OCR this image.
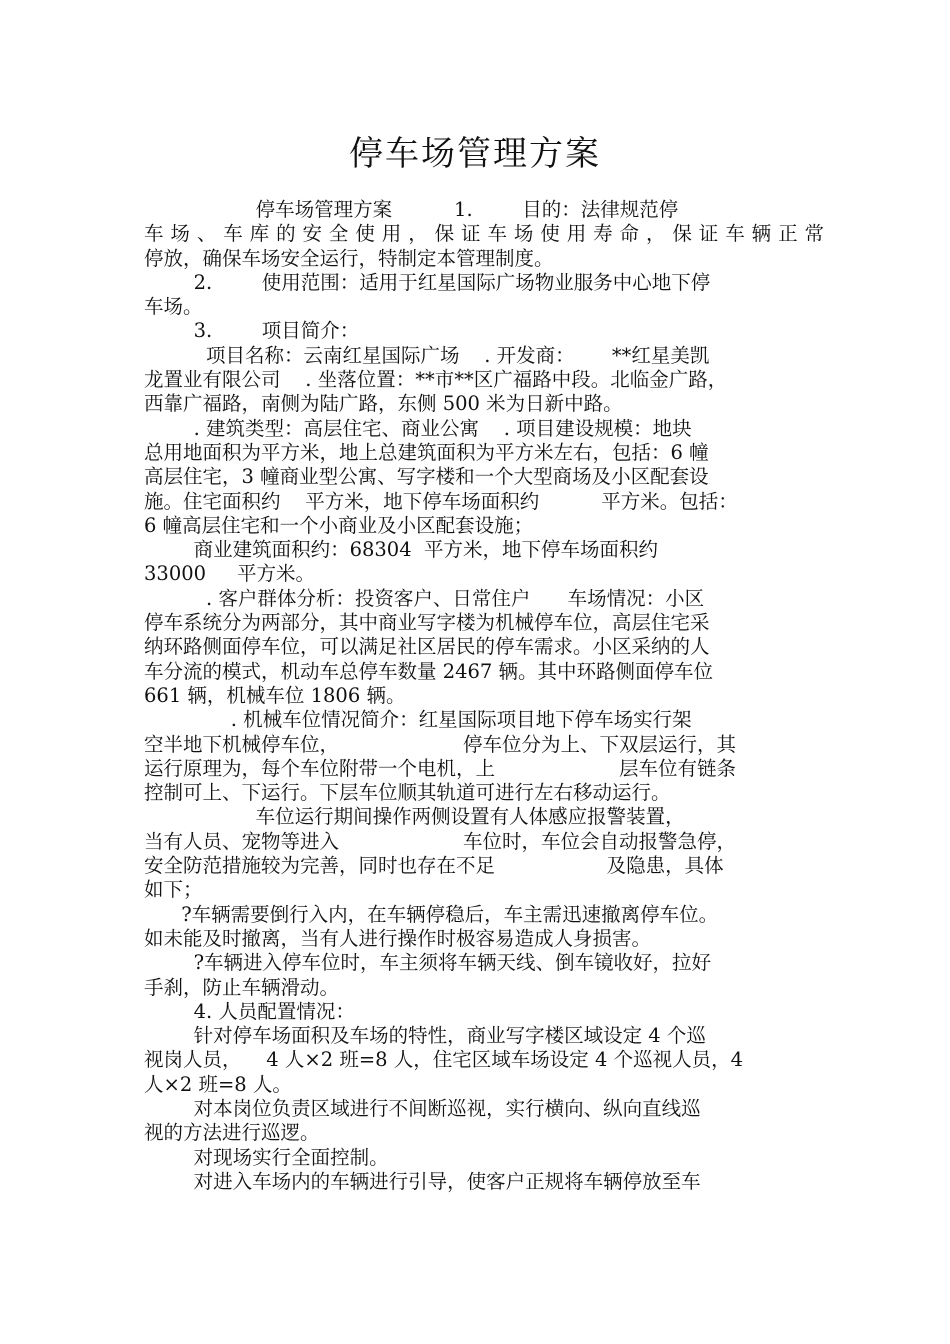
停车场管理方案
停车场管理方案          1.        目的：法律规范停
车场、车库的安全使用，保证车场使用寿命，保证车辆正常
停放，确保车场安全运行，特制定本管理制度。
2.        使用范围：适用于红星国际广场物业服务中心地下停
车场。
3.        项目简介：
项目名称：云南红星国际广场    . 开发商：      **红星美凯
龙置业有限公司    . 坐落位置：**市**区广福路中段。北临金广路，
西靠广福路，南侧为陆广路，东侧 500 米为日新中路。
. 建筑类型：高层住宅、商业公寓    . 项目建设规模：地块
总用地面积为平方米，地上总建筑面积为平方米左右，包括：6 幢
高层住宅，3 幢商业型公寓、写字楼和一个大型商场及小区配套设
施。住宅面积约    平方米，地下停车场面积约          平方米。包括：
6 幢高层住宅和一个小商业及小区配套设施；
商业建筑面积约：68304  平方米，地下停车场面积约
33000     平方米。
. 客户群体分析：投资客户、日常住户      车场情况：小区
停车系统分为两部分，其中商业写字楼为机械停车位，高层住宅采
纳环路侧面停车位，可以满足社区居民的停车需求。小区采纳的人
车分流的模式，机动车总停车数量 2467 辆。其中环路侧面停车位
661 辆，机械车位 1806 辆。
. 机械车位情况简介：红星国际项目地下停车场实行架
空半地下机械停车位，                    停车位分为上、下双层运行，其
运行原理为，每个车位附带一个电机，上                    层车位有链条
控制可上、下运行。下层车位顺其轨道可进行左右移动运行。
车位运行期间操作两侧设置有人体感应报警装置，
当有人员、宠物等进入                    车位时，车位会自动报警急停，
安全防范措施较为完善，同时也存在不足                  及隐患，具体
如下；
?车辆需要倒行入内，在车辆停稳后，车主需迅速撤离停车位。
如未能及时撤离，当有人进行操作时极容易造成人身损害。
?车辆进入停车位时，车主须将车辆天线、倒车镜收好，拉好
手刹，防止车辆滑动。
4. 人员配置情况：
针对停车场面积及车场的特性，商业写字楼区域设定 4 个巡
视岗人员，    4 人×2 班=8 人，住宅区域车场设定 4 个巡视人员，4
人×2 班=8 人。
对本岗位负责区域进行不间断巡视，实行横向、纵向直线巡
视的方法进行巡逻。
对现场实行全面控制。
对进入车场内的车辆进行引导，使客户正规将车辆停放至车
